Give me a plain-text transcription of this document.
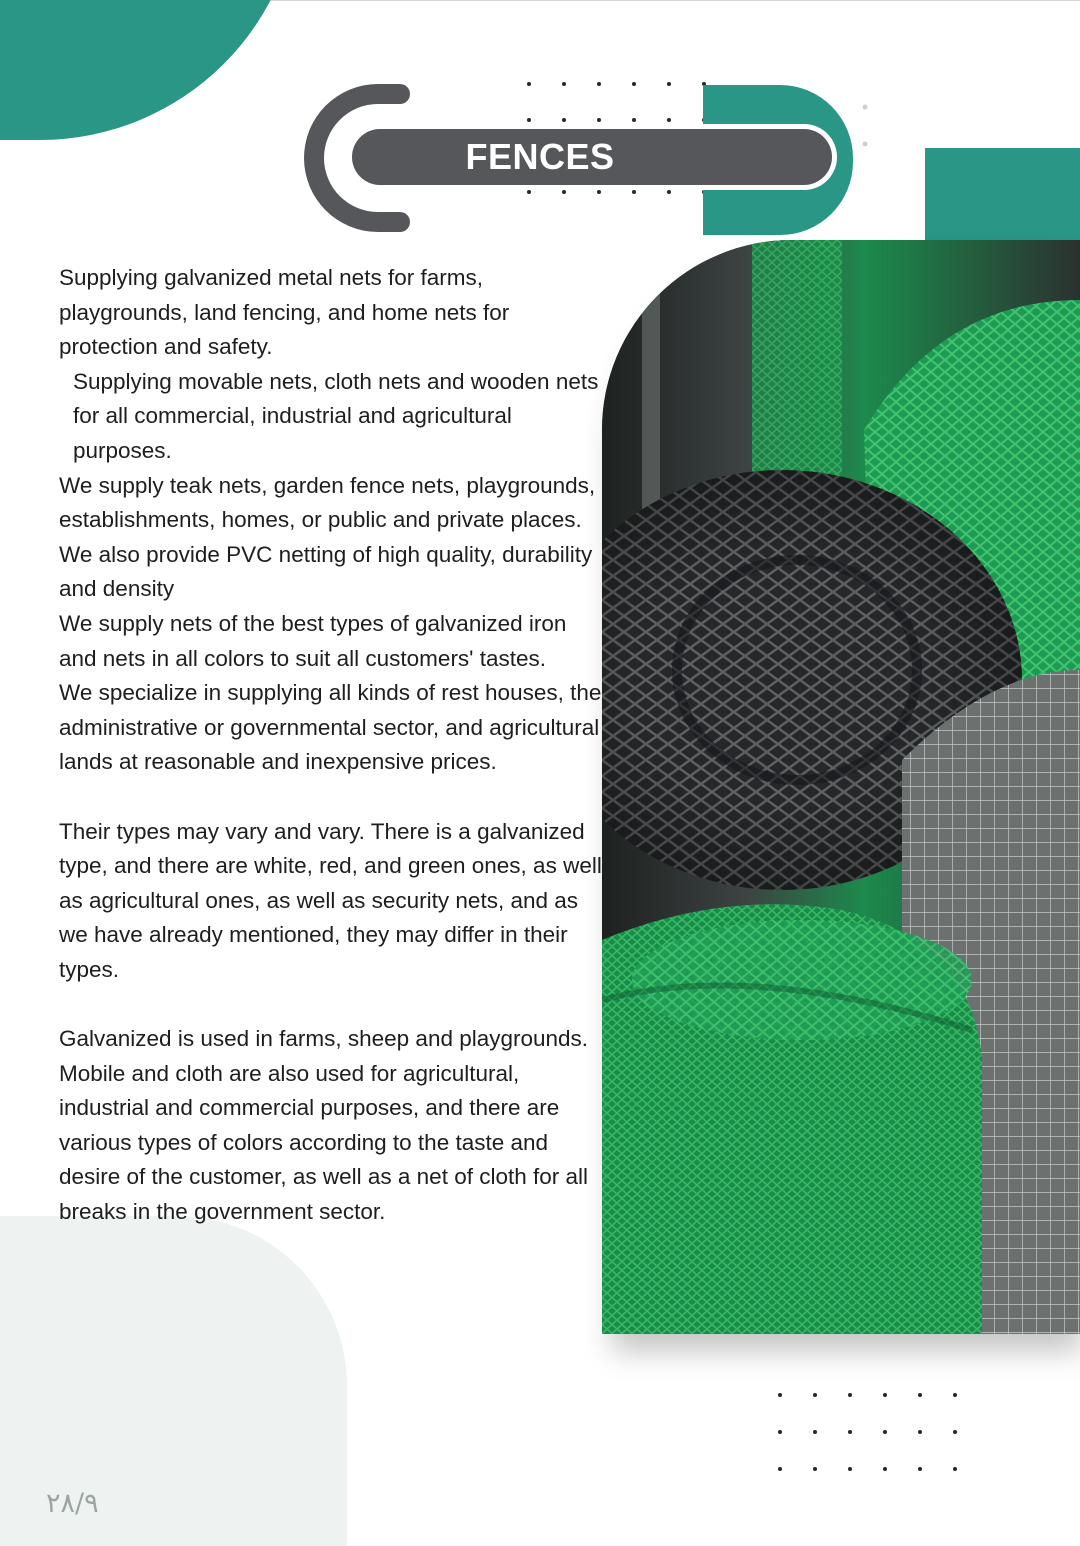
FENCES

Supplying galvanized metal nets for farms, playgrounds, land fencing, and home nets for protection and safety.

Supplying movable nets, cloth nets and wooden nets for all commercial, industrial and agricultural purposes.

We supply teak nets, garden fence nets, playgrounds, establishments, homes, or public and private places.

We also provide PVC netting of high quality, durability and density

We supply nets of the best types of galvanized iron and nets in all colors to suit all customers' tastes.

We specialize in supplying all kinds of rest houses, the administrative or governmental sector, and agricultural lands at reasonable and inexpensive prices.

Their types may vary and vary. There is a galvanized type, and there are white, red, and green ones, as well as agricultural ones, as well as security nets, and as we have already mentioned, they may differ in their types.

Galvanized is used in farms, sheep and playgrounds. Mobile and cloth are also used for agricultural, industrial and commercial purposes, and there are various types of colors according to the taste and desire of the customer, as well as a net of cloth for all breaks in the government sector.

٢٨/٩
